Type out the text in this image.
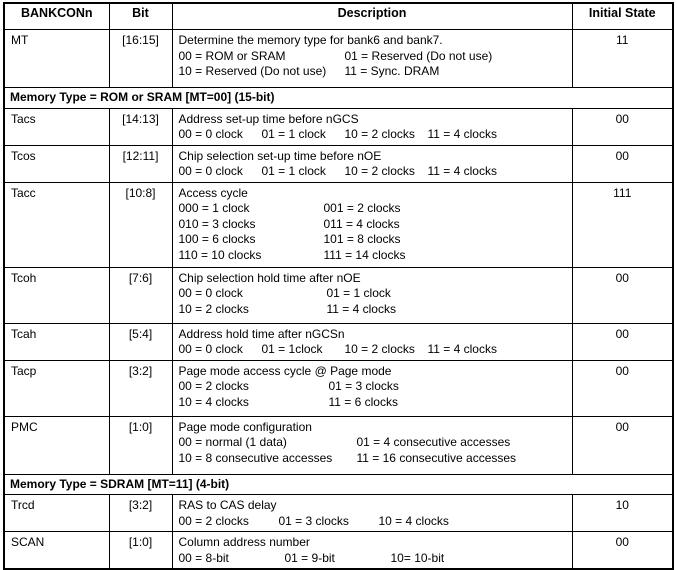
BANKCONn	Bit	Description	Initial State
MT	[16:15]	Determine the memory type for bank6 and bank7.
00 = ROM or SRAM 01 = Reserved (Do not use)
10 = Reserved (Do not use) 11 = Sync. DRAM	11
Memory Type = ROM or SRAM [MT=00] (15-bit)			
Tacs	[14:13]	Address set-up time before nGCS
00 = 0 clock 01 = 1 clock 10 = 2 clocks 11 = 4 clocks	00
Tcos	[12:11]	Chip selection set-up time before nOE
00 = 0 clock 01 = 1 clock 10 = 2 clocks 11 = 4 clocks	00
Tacc	[10:8]	Access cycle
000 = 1 clock 001 = 2 clocks
010 = 3 clocks 011 = 4 clocks
100 = 6 clocks 101 = 8 clocks
110 = 10 clocks 111 = 14 clocks	111
Tcoh	[7:6]	Chip selection hold time after nOE
00 = 0 clock 01 = 1 clock
10 = 2 clocks 11 = 4 clocks	00
Tcah	[5:4]	Address hold time after nGCSn
00 = 0 clock 01 = 1clock 10 = 2 clocks 11 = 4 clocks	00
Tacp	[3:2]	Page mode access cycle @ Page mode
00 = 2 clocks 01 = 3 clocks
10 = 4 clocks 11 = 6 clocks	00
PMC	[1:0]	Page mode configuration
00 = normal (1 data) 01 = 4 consecutive accesses
10 = 8 consecutive accesses 11 = 16 consecutive accesses	00
Memory Type = SDRAM [MT=11] (4-bit)			
Trcd	[3:2]	RAS to CAS delay
00 = 2 clocks 01 = 3 clocks 10 = 4 clocks	10
SCAN	[1:0]	Column address number
00 = 8-bit 01 = 9-bit 10= 10-bit	00
